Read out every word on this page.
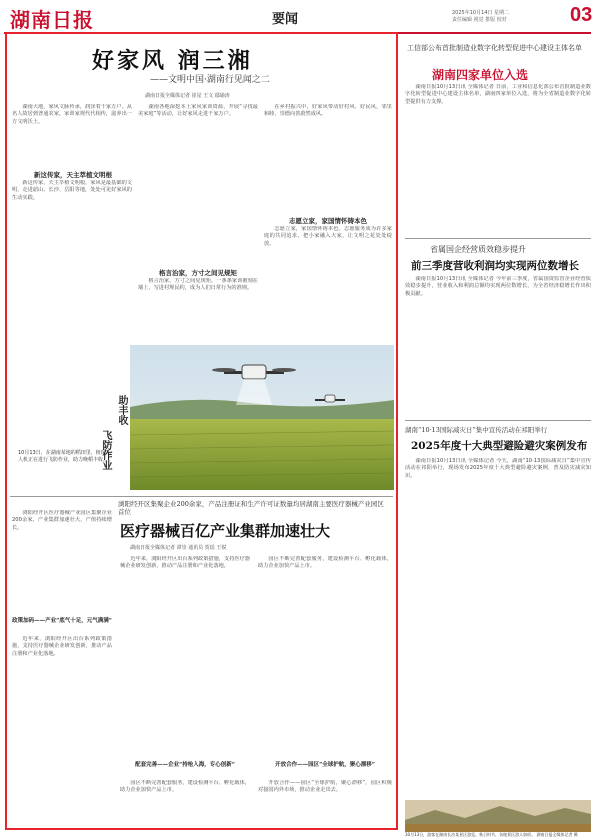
湖南日报	要闻	2025年10月14日 星期二
责任编辑 视觉 排版 校对	03
好家风 润三湘
——文明中国·湖南行见闻之二
湖南日报全媒体记者 崔星 王文 鄢瑜涛

湖南大地，家风文脉传承，润泽着千家万户。从名人故居到普通农家，家训家规代代相传，滋养出一方文明沃土。

新这传家，天主萃植文明根

新这传家，天主萃植文明根。家风是最基础的文明，走进韶山、长沙、岳阳等地，处处可见好家风的生动实践。

湖南各地深挖本土家风家训资源，开展“寻找最美家庭”等活动，让好家风走进千家万户。

格言治家，方寸之间见规矩

格言治家，方寸之间见规矩。一条条家训被刻在墙上、写进村规民约，成为人们日常行为的准则。

在乡村振兴中，好家风带动好村风、好民风，邻里和睦、崇德向善蔚然成风。

志愿立家，家国情怀铸本色

志愿立家，家国情怀铸本色。志愿服务成为许多家庭的共同追求，把小家融入大家，让文明之花处处绽放。

飞防作业
助丰收
10月13日，在湖南某地的稻田里，植保无人机正在进行飞防作业，助力晚稻丰收。
浏阳经开区集聚企业200余家，产品注册证和生产许可证数量均居湖南主要医疗器械产业园区首位
医疗器械百亿产业集群加速壮大
湖南日报全媒体记者 谭崇 通讯员 贺瑶 王锐

浏阳经开区医疗器械产业园区集聚企业200余家，产业集群加速壮大，产值持续增长。

政策加码——产业“底气十足，元气满满”

近年来，浏阳经开区出台系列政策措施，支持医疗器械企业研发创新，推动产品注册和产业化落地。

近年来，浏阳经开区出台系列政策措施，支持医疗器械企业研发创新，推动产品注册和产业化落地。

配套完善——企业“持枪入海，专心创新”

园区不断完善配套服务，建设检测平台、孵化载体，助力企业加快产品上市。

园区不断完善配套服务，建设检测平台、孵化载体，助力企业加快产品上市。

开放合作——园区“全球护航，聚心漂移”

开放合作——园区“全球护航，聚心漂移”。园区积极对接国内外市场，推动企业走出去。

工信部公布首批制造业数字化转型促进中心建设主体名单
湖南四家单位入选

湖南日报10月13日讯 全媒体记者 日前，工业和信息化部公布首批制造业数字化转型促进中心建设主体名单，湖南四家单位入选，将为全省制造业数字化转型提供有力支撑。

省属国企经营质效稳步提升
前三季度营收利润均实现两位数增长

湖南日报10月13日讯 全媒体记者 今年前三季度，省属国资监管企业经营质效稳步提升，营业收入和利润总额均实现两位数增长，为全省经济稳增长作出积极贡献。

湖南“10·13国际减灾日”集中宣传活动在祁阳举行
2025年度十大典型避险避灾案例发布

湖南日报10月13日讯 全媒体记者 今天，湖南“10·13国际减灾日”集中宣传活动在祁阳举行，现场发布2025年度十大典型避险避灾案例，普及防灾减灾知识。

10月13日，游客在湖南长沙某景区游览。秋日时节，各地景区游人如织。 湖南日报全媒体记者 摄
